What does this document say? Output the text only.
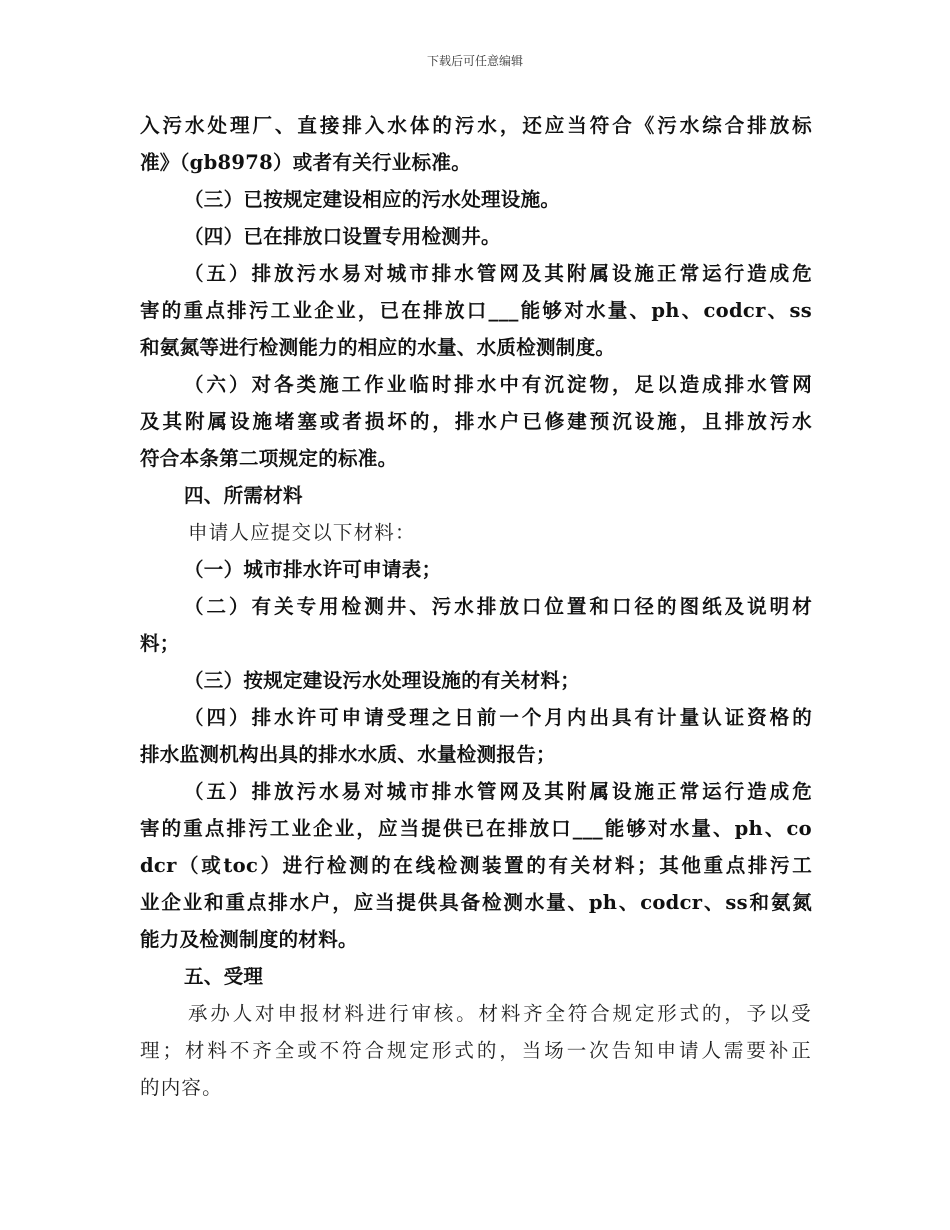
下载后可任意编辑
入污水处理厂、直接排入水体的污水，还应当符合《污水综合排放标
准》（gb8978）或者有关行业标准。
（三）已按规定建设相应的污水处理设施。
（四）已在排放口设置专用检测井。
（五）排放污水易对城市排水管网及其附属设施正常运行造成危
害的重点排污工业企业，已在排放口___能够对水量、ph、codcr、ss
和氨氮等进行检测能力的相应的水量、水质检测制度。
（六）对各类施工作业临时排水中有沉淀物，足以造成排水管网
及其附属设施堵塞或者损坏的，排水户已修建预沉设施，且排放污水
符合本条第二项规定的标准。
四、所需材料
申请人应提交以下材料：
（一）城市排水许可申请表；
（二）有关专用检测井、污水排放口位置和口径的图纸及说明材
料；
（三）按规定建设污水处理设施的有关材料；
（四）排水许可申请受理之日前一个月内出具有计量认证资格的
排水监测机构出具的排水水质、水量检测报告；
（五）排放污水易对城市排水管网及其附属设施正常运行造成危
害的重点排污工业企业，应当提供已在排放口___能够对水量、ph、co
dcr（或toc）进行检测的在线检测装置的有关材料；其他重点排污工
业企业和重点排水户，应当提供具备检测水量、ph、codcr、ss和氨氮
能力及检测制度的材料。
五、受理
承办人对申报材料进行审核。材料齐全符合规定形式的，予以受
理；材料不齐全或不符合规定形式的，当场一次告知申请人需要补正
的内容。
